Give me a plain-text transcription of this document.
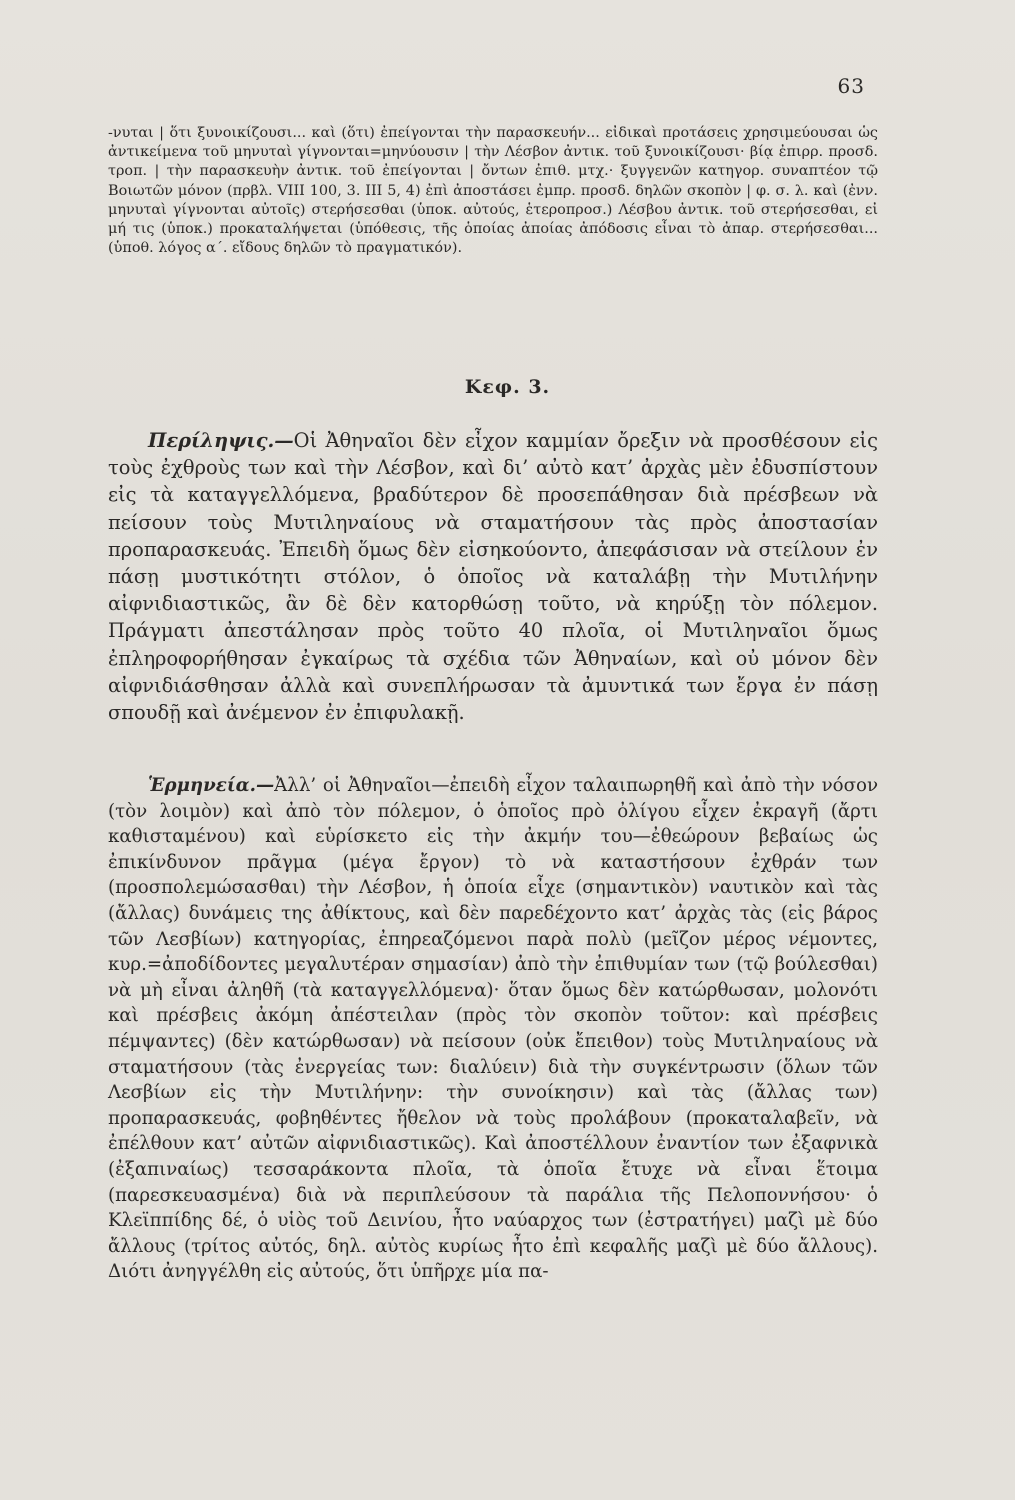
63

-νυται | ὅτι ξυνοικίζουσι... καὶ (ὅτι) ἐπείγονται τὴν παρασκευήν... εἰδικαὶ προτάσεις χρησιμεύουσαι ὡς ἀντικείμενα τοῦ μηνυταὶ γίγνονται=μηνύουσιν | τὴν Λέσβον ἀντικ. τοῦ ξυνοικίζουσι· βίᾳ ἐπιρρ. προσδ. τροπ. | τὴν παρασκευὴν ἀντικ. τοῦ ἐπείγονται | ὄντων ἐπιθ. μτχ.· ξυγγενῶν κατηγορ. συναπτέον τῷ Βοιωτῶν μόνον (πρβλ. VIII 100, 3. III 5, 4) ἐπὶ ἀποστάσει ἐμπρ. προσδ. δηλῶν σκοπὸν | φ. σ. λ. καὶ (ἐνν. μηνυταὶ γίγνονται αὐτοῖς) στερήσεσθαι (ὑποκ. αὐτούς, ἑτεροπροσ.) Λέσβου ἀντικ. τοῦ στερήσεσθαι, εἰ μή τις (ὑποκ.) προκαταλήψεται (ὑπόθεσις, τῆς ὁποίας ἀποίας ἀπόδοσις εἶναι τὸ ἀπαρ. στερήσεσθαι... (ὑποθ. λόγος α΄. εἴδους δηλῶν τὸ πραγματικόν).

Κεφ. 3.

Περίληψις.—Οἱ Ἀθηναῖοι δὲν εἶχον καμμίαν ὄρεξιν νὰ προσθέσουν εἰς τοὺς ἐχθροὺς των καὶ τὴν Λέσβον, καὶ δι’ αὐτὸ κατ’ ἀρχὰς μὲν ἐδυσπίστουν εἰς τὰ καταγγελλόμενα, βραδύτερον δὲ προσεπάθησαν διὰ πρέσβεων νὰ πείσουν τοὺς Μυτιληναίους νὰ σταματήσουν τὰς πρὸς ἀποστασίαν προπαρασκευάς. Ἐπειδὴ ὅμως δὲν εἰσηκούοντο, ἀπεφάσισαν νὰ στείλουν ἐν πάσῃ μυστικότητι στόλον, ὁ ὁποῖος νὰ καταλάβῃ τὴν Μυτιλήνην αἰφνιδιαστικῶς, ἂν δὲ δὲν κατορθώσῃ τοῦτο, νὰ κηρύξῃ τὸν πόλεμον. Πράγματι ἀπεστάλησαν πρὸς τοῦτο 40 πλοῖα, οἱ Μυτιληναῖοι ὅμως ἐπληροφορήθησαν ἐγκαίρως τὰ σχέδια τῶν Ἀθηναίων, καὶ οὐ μόνον δὲν αἰφνιδιάσθησαν ἀλλὰ καὶ συνεπλήρωσαν τὰ ἀμυντικά των ἔργα ἐν πάσῃ σπουδῇ καὶ ἀνέμενον ἐν ἐπιφυλακῇ.

Ἑρμηνεία.—Ἀλλ’ οἱ Ἀθηναῖοι—ἐπειδὴ εἶχον ταλαιπωρηθῆ καὶ ἀπὸ τὴν νόσον (τὸν λοιμὸν) καὶ ἀπὸ τὸν πόλεμον, ὁ ὁποῖος πρὸ ὀλίγου εἶχεν ἐκραγῆ (ἄρτι καθισταμένου) καὶ εὑρίσκετο εἰς τὴν ἀκμήν του—ἐθεώρουν βεβαίως ὡς ἐπικίνδυνον πρᾶγμα (μέγα ἔργον) τὸ νὰ καταστήσουν ἐχθράν των (προσπολεμώσασθαι) τὴν Λέσβον, ἡ ὁποία εἶχε (σημαντικὸν) ναυτικὸν καὶ τὰς (ἄλλας) δυνάμεις της ἀθίκτους, καὶ δὲν παρεδέχοντο κατ’ ἀρχὰς τὰς (εἰς βάρος τῶν Λεσβίων) κατηγορίας, ἐπηρεαζόμενοι παρὰ πολὺ (μεῖζον μέρος νέμοντες, κυρ.=ἀποδίδοντες μεγαλυτέραν σημασίαν) ἀπὸ τὴν ἐπιθυμίαν των (τῷ βούλεσθαι) νὰ μὴ εἶναι ἀληθῆ (τὰ καταγγελλόμενα)· ὅταν ὅμως δὲν κατώρθωσαν, μολονότι καὶ πρέσβεις ἀκόμη ἀπέστειλαν (πρὸς τὸν σκοπὸν τοῦτον: καὶ πρέσβεις πέμψαντες) (δὲν κατώρθωσαν) νὰ πείσουν (οὐκ ἔπειθον) τοὺς Μυτιληναίους νὰ σταματήσουν (τὰς ἐνεργείας των: διαλύειν) διὰ τὴν συγκέντρωσιν (ὅλων τῶν Λεσβίων εἰς τὴν Μυτιλήνην: τὴν συνοίκησιν) καὶ τὰς (ἄλλας των) προπαρασκευάς, φοβηθέντες ἤθελον νὰ τοὺς προλάβουν (προκαταλαβεῖν, νὰ ἐπέλθουν κατ’ αὐτῶν αἰφνιδιαστικῶς). Καὶ ἀποστέλλουν ἐναντίον των ἐξαφνικὰ (ἐξαπιναίως) τεσσαράκοντα πλοῖα, τὰ ὁποῖα ἔτυχε νὰ εἶναι ἕτοιμα (παρεσκευασμένα) διὰ νὰ περιπλεύσουν τὰ παράλια τῆς Πελοποννήσου· ὁ Κλεϊππίδης δέ, ὁ υἱὸς τοῦ Δεινίου, ἦτο ναύαρχος των (ἐστρατήγει) μαζὶ μὲ δύο ἄλλους (τρίτος αὐτός, δηλ. αὐτὸς κυρίως ἦτο ἐπὶ κεφαλῆς μαζὶ μὲ δύο ἄλλους). Διότι ἀνηγγέλθη εἰς αὐτούς, ὅτι ὑπῆρχε μία πα-
